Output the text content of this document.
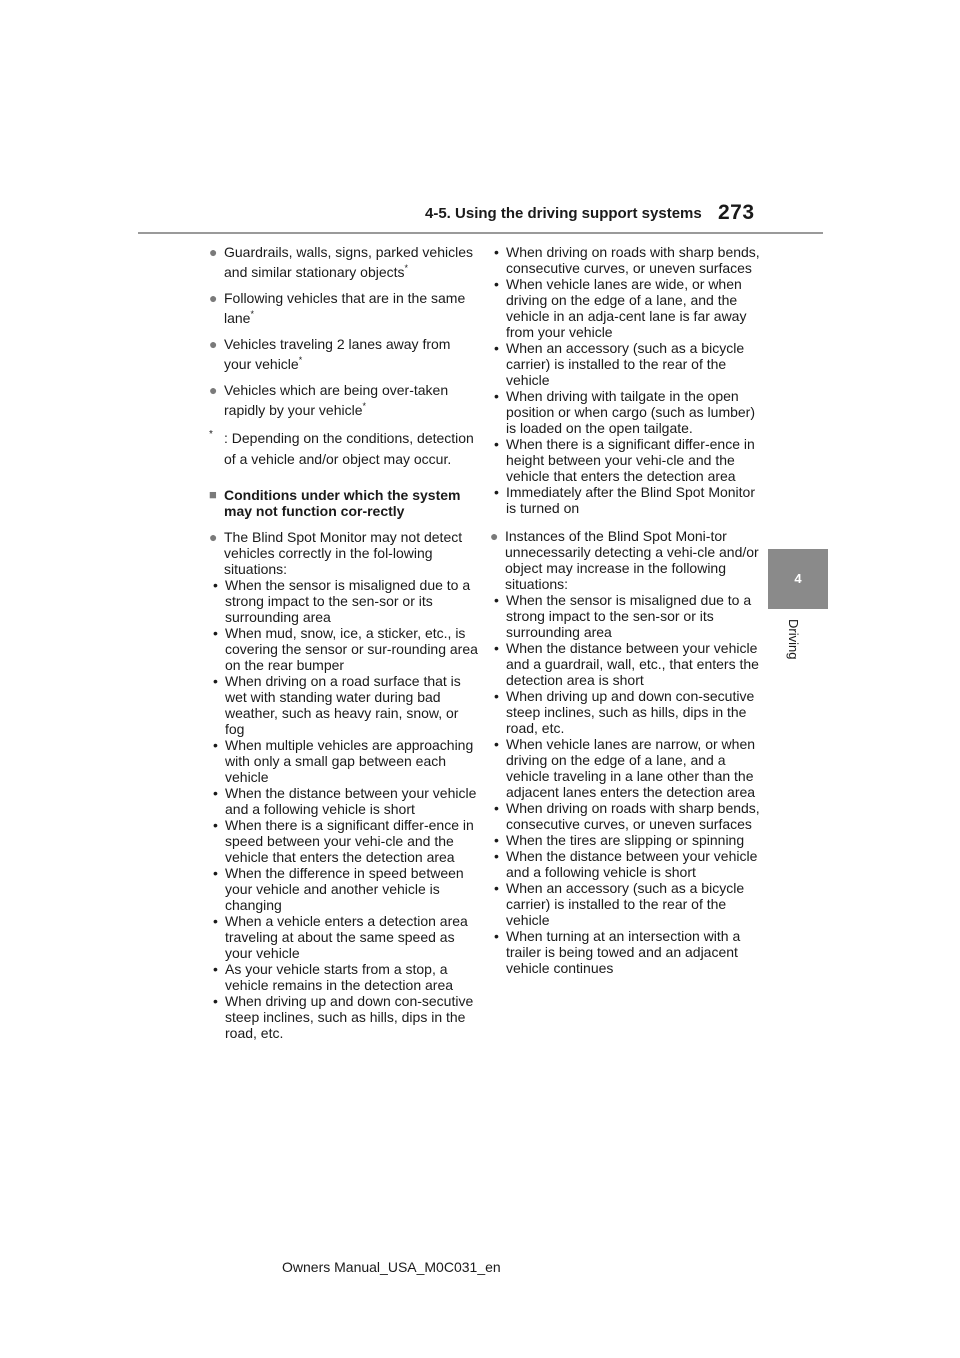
4-5. Using the driving support systems 273
4
Driving
● Guardrails, walls, signs, parked vehicles and similar stationary objects*
● Following vehicles that are in the same lane*
● Vehicles traveling 2 lanes away from your vehicle*
● Vehicles which are being over-taken rapidly by your vehicle*
* : Depending on the conditions, detection of a vehicle and/or object may occur.
■ Conditions under which the system may not function cor-rectly
● The Blind Spot Monitor may not detect vehicles correctly in the fol-lowing situations:
• When the sensor is misaligned due to a strong impact to the sen-sor or its surrounding area
• When mud, snow, ice, a sticker, etc., is covering the sensor or sur-rounding area on the rear bumper
• When driving on a road surface that is wet with standing water during bad weather, such as heavy rain, snow, or fog
• When multiple vehicles are approaching with only a small gap between each vehicle
• When the distance between your vehicle and a following vehicle is short
• When there is a significant differ-ence in speed between your vehi-cle and the vehicle that enters the detection area
• When the difference in speed between your vehicle and another vehicle is changing
• When a vehicle enters a detection area traveling at about the same speed as your vehicle
• As your vehicle starts from a stop, a vehicle remains in the detection area
• When driving up and down con-secutive steep inclines, such as hills, dips in the road, etc.
• When driving on roads with sharp bends, consecutive curves, or uneven surfaces
• When vehicle lanes are wide, or when driving on the edge of a lane, and the vehicle in an adja-cent lane is far away from your vehicle
• When an accessory (such as a bicycle carrier) is installed to the rear of the vehicle
• When driving with tailgate in the open position or when cargo (such as lumber) is loaded on the open tailgate.
• When there is a significant differ-ence in height between your vehi-cle and the vehicle that enters the detection area
• Immediately after the Blind Spot Monitor is turned on
● Instances of the Blind Spot Moni-tor unnecessarily detecting a vehi-cle and/or object may increase in the following situations:
• When the sensor is misaligned due to a strong impact to the sen-sor or its surrounding area
• When the distance between your vehicle and a guardrail, wall, etc., that enters the detection area is short
• When driving up and down con-secutive steep inclines, such as hills, dips in the road, etc.
• When vehicle lanes are narrow, or when driving on the edge of a lane, and a vehicle traveling in a lane other than the adjacent lanes enters the detection area
• When driving on roads with sharp bends, consecutive curves, or uneven surfaces
• When the tires are slipping or spinning
• When the distance between your vehicle and a following vehicle is short
• When an accessory (such as a bicycle carrier) is installed to the rear of the vehicle
• When turning at an intersection with a trailer is being towed and an adjacent vehicle continues
Owners Manual_USA_M0C031_en
